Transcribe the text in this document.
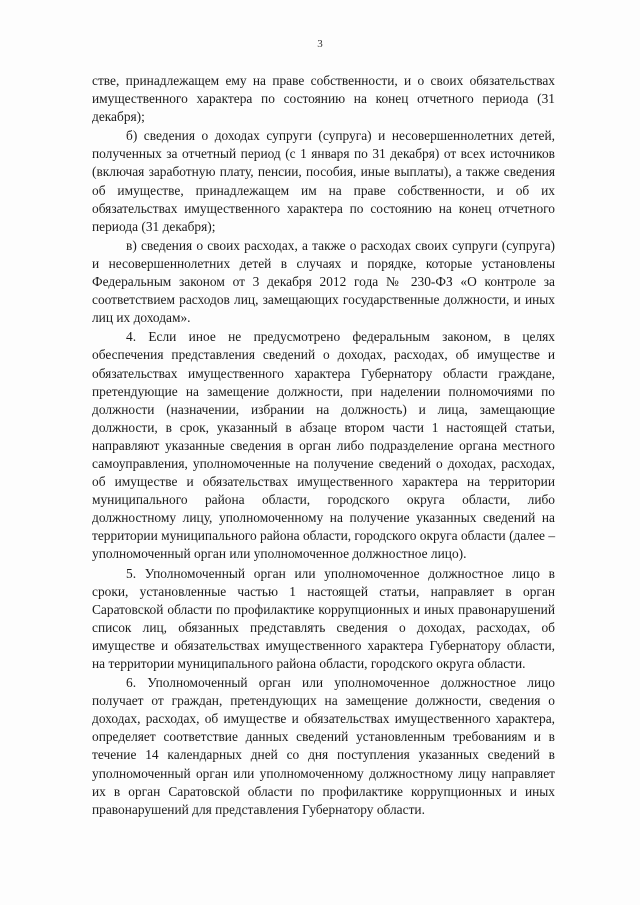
3

стве, принадлежащем ему на праве собственности, и о своих обязательствах имущественного характера по состоянию на конец отчетного периода (31 декабря);

б) сведения о доходах супруги (супруга) и несовершеннолетних детей, полученных за отчетный период (с 1 января по 31 декабря) от всех источников (включая заработную плату, пенсии, пособия, иные выплаты), а также сведения об имуществе, принадлежащем им на праве собственности, и об их обязательствах имущественного характера по состоянию на конец отчетного периода (31 декабря);

в) сведения о своих расходах, а также о расходах своих супруги (супруга) и несовершеннолетних детей в случаях и порядке, которые установлены Федеральным законом от 3 декабря 2012 года № 230-ФЗ «О контроле за соответствием расходов лиц, замещающих государственные должности, и иных лиц их доходам».

4. Если иное не предусмотрено федеральным законом, в целях обеспечения представления сведений о доходах, расходах, об имуществе и обязательствах имущественного характера Губернатору области граждане, претендующие на замещение должности, при наделении полномочиями по должности (назначении, избрании на должность) и лица, замещающие должности, в срок, указанный в абзаце втором части 1 настоящей статьи, направляют указанные сведения в орган либо подразделение органа местного самоуправления, уполномоченные на получение сведений о доходах, расходах, об имуществе и обязательствах имущественного характера на территории муниципального района области, городского округа области, либо должностному лицу, уполномоченному на получение указанных сведений на территории муниципального района области, городского округа области (далее – уполномоченный орган или уполномоченное должностное лицо).

5. Уполномоченный орган или уполномоченное должностное лицо в сроки, установленные частью 1 настоящей статьи, направляет в орган Саратовской области по профилактике коррупционных и иных правонарушений список лиц, обязанных представлять сведения о доходах, расходах, об имуществе и обязательствах имущественного характера Губернатору области, на территории муниципального района области, городского округа области.

6. Уполномоченный орган или уполномоченное должностное лицо получает от граждан, претендующих на замещение должности, сведения о доходах, расходах, об имуществе и обязательствах имущественного характера, определяет соответствие данных сведений установленным требованиям и в течение 14 календарных дней со дня поступления указанных сведений в уполномоченный орган или уполномоченному должностному лицу направляет их в орган Саратовской области по профилактике коррупционных и иных правонарушений для представления Губернатору области.
